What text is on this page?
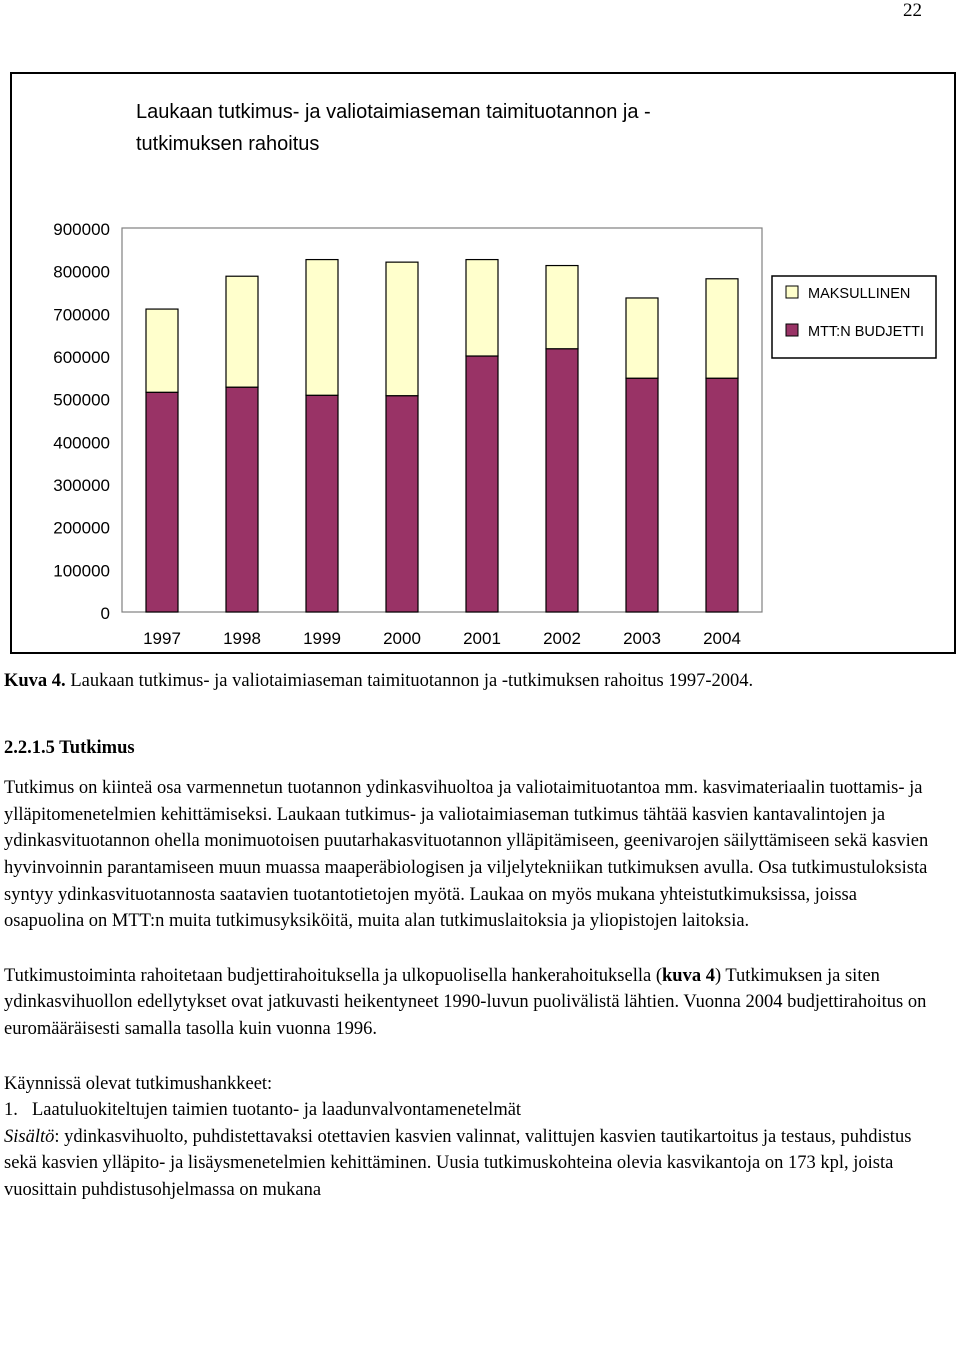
22
Laukaan tutkimus- ja valiotaimiaseman taimituotannon ja -tutkimuksen rahoitus
900000
800000
700000
600000
500000
400000
300000
200000
100000
0
1997 1998 1999 2000 2001 2002 2003 2004
MAKSULLINEN
MTT:N BUDJETTI

Kuva 4. Laukaan tutkimus- ja valiotaimiaseman taimituotannon ja -tutkimuksen rahoitus 1997-2004.

2.2.1.5 Tutkimus

Tutkimus on kiinteä osa varmennetun tuotannon ydinkasvihuoltoa ja valiotaimituotantoa mm. kasvimateriaalin tuottamis- ja ylläpitomenetelmien kehittämiseksi. Laukaan tutkimus- ja valiotaimiaseman tutkimus tähtää kasvien kantavalintojen ja ydinkasvituotannon ohella monimuotoisen puutarhakasvituotannon ylläpitämiseen, geenivarojen säilyttämiseen sekä kasvien hyvinvoinnin parantamiseen muun muassa maaperäbiologisen ja viljelytekniikan tutkimuksen avulla. Osa tutkimustuloksista syntyy ydinkasvituotannosta saatavien tuotantotietojen myötä. Laukaa on myös mukana yhteistutkimuksissa, joissa osapuolina on MTT:n muita tutkimusyksiköitä, muita alan tutkimuslaitoksia ja yliopistojen laitoksia.

Tutkimustoiminta rahoitetaan budjettirahoituksella ja ulkopuolisella hankerahoituksella (kuva 4) Tutkimuksen ja siten ydinkasvihuollon edellytykset ovat jatkuvasti heikentyneet 1990-luvun puolivälistä lähtien. Vuonna 2004 budjettirahoitus on euromääräisesti samalla tasolla kuin vuonna 1996.

Käynnissä olevat tutkimushankkeet:

1. Laatuluokiteltujen taimien tuotanto- ja laadunvalvontamenetelmät

Sisältö: ydinkasvihuolto, puhdistettavaksi otettavien kasvien valinnat, valittujen kasvien tautikartoitus ja testaus, puhdistus sekä kasvien ylläpito- ja lisäysmenetelmien kehittäminen. Uusia tutkimuskohteina olevia kasvikantoja on 173 kpl, joista vuosittain puhdistusohjelmassa on mukana
